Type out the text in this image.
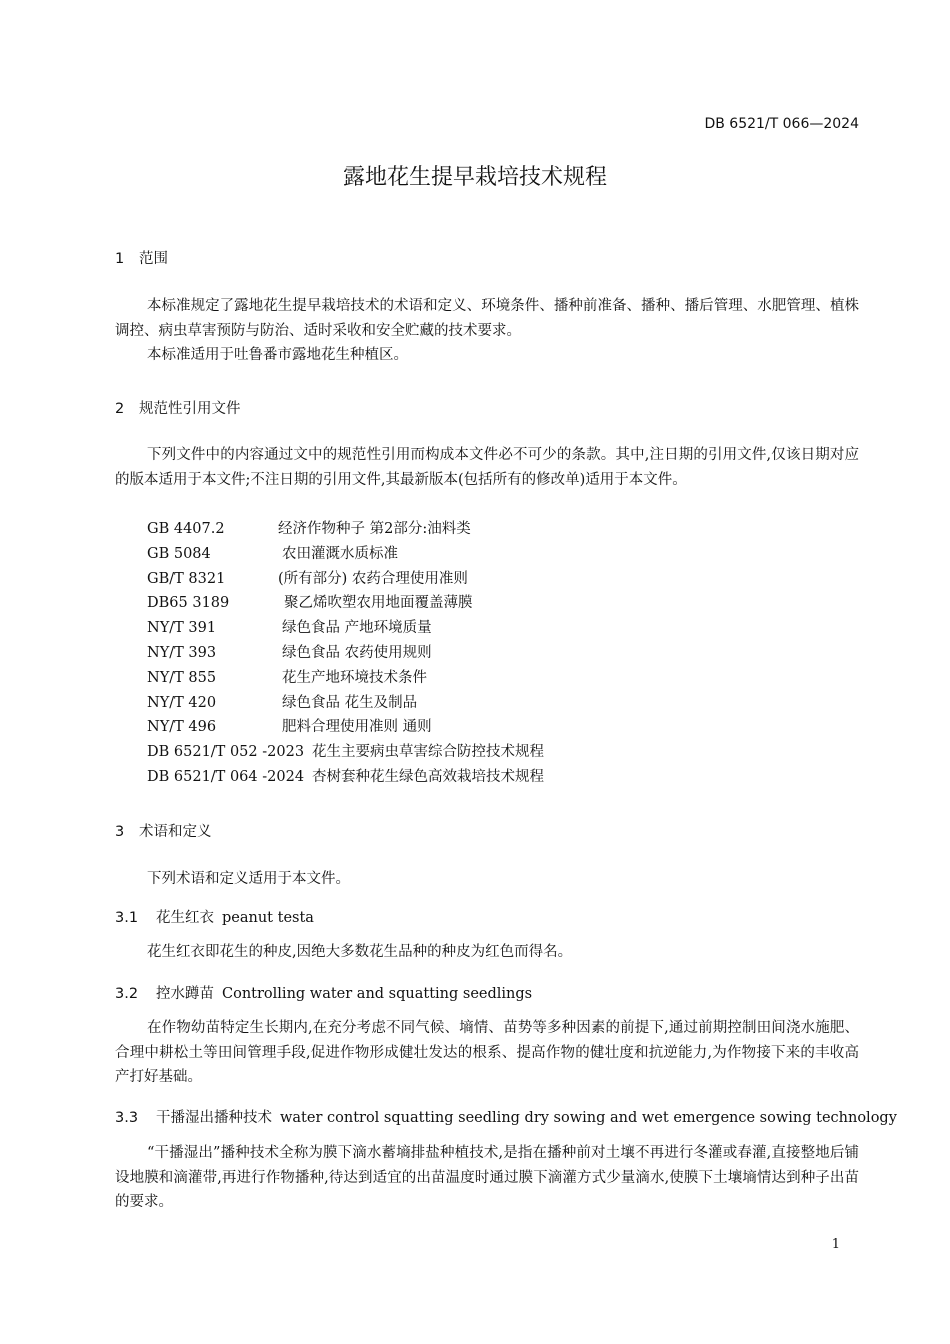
DB 6521/T 066—2024
露地花生提早栽培技术规程
1 范围

本标准规定了露地花生提早栽培技术的术语和定义、环境条件、播种前准备、播种、播后管理、水肥管理、植株调控、病虫草害预防与防治、适时采收和安全贮藏的技术要求。

本标准适用于吐鲁番市露地花生种植区。

2 规范性引用文件

下列文件中的内容通过文中的规范性引用而构成本文件必不可少的条款。其中,注日期的引用文件,仅该日期对应的版本适用于本文件;不注日期的引用文件,其最新版本(包括所有的修改单)适用于本文件。

GB 4407.2	经济作物种子 第2部分:油料类
GB 5084	农田灌溉水质标准
GB/T 8321	(所有部分) 农药合理使用准则
DB65 3189	聚乙烯吹塑农用地面覆盖薄膜
NY/T 391	绿色食品 产地环境质量
NY/T 393	绿色食品 农药使用规则
NY/T 855	花生产地环境技术条件
NY/T 420	绿色食品 花生及制品
NY/T 496	肥料合理使用准则 通则
DB 6521/T 052 -2023 花生主要病虫草害综合防控技术规程
DB 6521/T 064 -2024 杏树套种花生绿色高效栽培技术规程
3 术语和定义

下列术语和定义适用于本文件。

3.1 花生红衣 peanut testa

花生红衣即花生的种皮,因绝大多数花生品种的种皮为红色而得名。

3.2 控水蹲苗 Controlling water and squatting seedlings

在作物幼苗特定生长期内,在充分考虑不同气候、墒情、苗势等多种因素的前提下,通过前期控制田间浇水施肥、合理中耕松土等田间管理手段,促进作物形成健壮发达的根系、提高作物的健壮度和抗逆能力,为作物接下来的丰收高产打好基础。

3.3 干播湿出播种技术 water control squatting seedling dry sowing and wet emergence sowing technology

“干播湿出”播种技术全称为膜下滴水蓄墒排盐种植技术,是指在播种前对土壤不再进行冬灌或春灌,直接整地后铺设地膜和滴灌带,再进行作物播种,待达到适宜的出苗温度时通过膜下滴灌方式少量滴水,使膜下土壤墒情达到种子出苗的要求。

1
